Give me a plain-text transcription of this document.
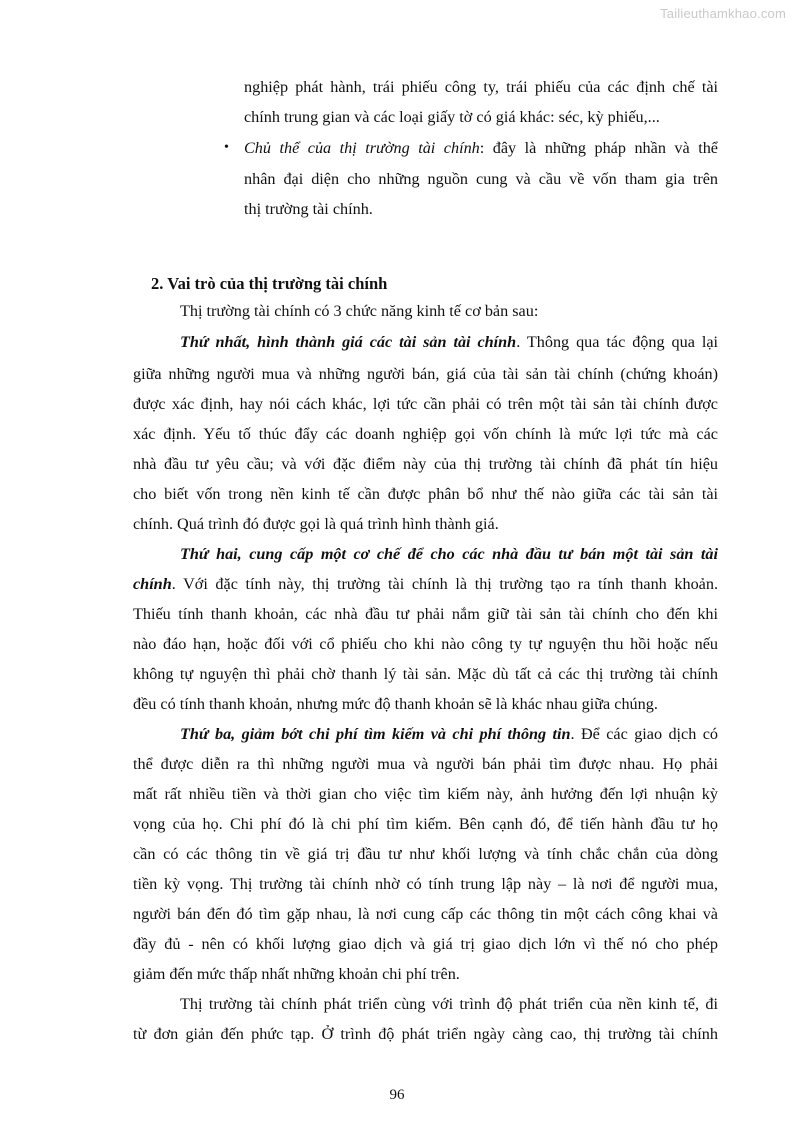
Tailieuthamkhao.com
nghiệp phát hành, trái phiếu công ty, trái phiếu của các định chế tài
chính trung gian và các loại giấy tờ có giá khác: séc, kỳ phiếu,...
• Chủ thể của thị trường tài chính: đây là những pháp nhần và thể
nhân đại diện cho những nguồn cung và cầu về vốn tham gia trên
thị trường tài chính.
2. Vai trò của thị trường tài chính
Thị trường tài chính có 3 chức năng kinh tế cơ bản sau:
Thứ nhất, hình thành giá các tài sản tài chính. Thông qua tác động qua lại
giữa những người mua và những người bán, giá của tài sản tài chính (chứng khoán)
được xác định, hay nói cách khác, lợi tức cần phải có trên một tài sản tài chính được
xác định. Yếu tố thúc đẩy các doanh nghiệp gọi vốn chính là mức lợi tức mà các
nhà đầu tư yêu cầu; và với đặc điểm này của thị trường tài chính đã phát tín hiệu
cho biết vốn trong nền kinh tế cần được phân bổ như thế nào giữa các tài sản tài
chính. Quá trình đó được gọi là quá trình hình thành giá.
Thứ hai, cung cấp một cơ chế để cho các nhà đầu tư bán một tài sản tài
chính. Với đặc tính này, thị trường tài chính là thị trường tạo ra tính thanh khoản.
Thiếu tính thanh khoản, các nhà đầu tư phải nắm giữ tài sản tài chính cho đến khi
nào đáo hạn, hoặc đối với cổ phiếu cho khi nào công ty tự nguyện thu hồi hoặc nếu
không tự nguyện thì phải chờ thanh lý tài sản. Mặc dù tất cả các thị trường tài chính
đều có tính thanh khoản, nhưng mức độ thanh khoản sẽ là khác nhau giữa chúng.
Thứ ba, giảm bớt chi phí tìm kiếm và chi phí thông tin. Để các giao dịch có
thể được diễn ra thì những người mua và người bán phải tìm được nhau. Họ phải
mất rất nhiều tiền và thời gian cho việc tìm kiếm này, ảnh hưởng đến lợi nhuận kỳ
vọng của họ. Chi phí đó là chi phí tìm kiếm. Bên cạnh đó, để tiến hành đầu tư họ
cần có các thông tin về giá trị đầu tư như khối lượng và tính chắc chắn của dòng
tiền kỳ vọng. Thị trường tài chính nhờ có tính trung lập này – là nơi để người mua,
người bán đến đó tìm gặp nhau, là nơi cung cấp các thông tin một cách công khai và
đầy đủ - nên có khối lượng giao dịch và giá trị giao dịch lớn vì thế nó cho phép
giảm đến mức thấp nhất những khoản chi phí trên.
Thị trường tài chính phát triển cùng với trình độ phát triển của nền kinh tế, đi
từ đơn giản đến phức tạp. Ở trình độ phát triển ngày càng cao, thị trường tài chính
96
